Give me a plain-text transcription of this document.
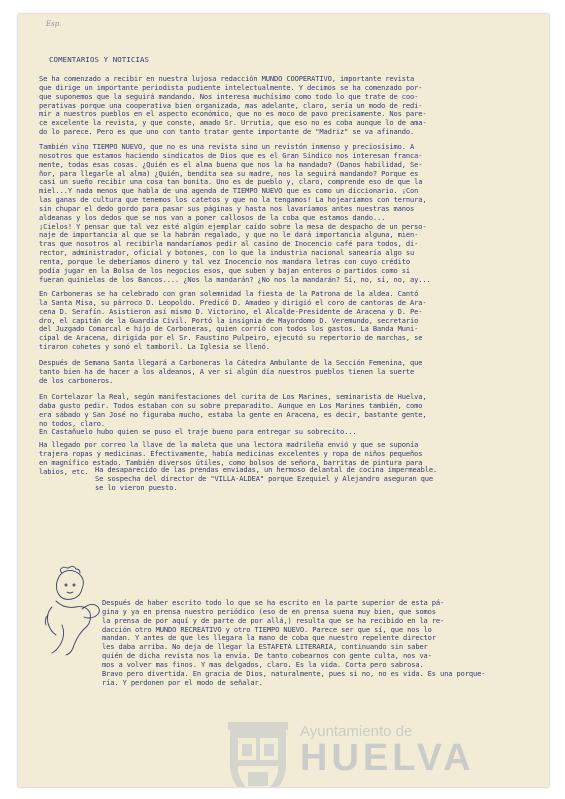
Esp.
COMENTARIOS Y NOTICIAS
Se ha comenzado a recibir en nuestra lujosa redacción MUNDO COOPERATIVO, importante revista
que dirige un importante periodista pudiente intelectualmente. Y decimos se ha comenzado por-
que suponemos que la seguirá mandando. Nos interesa muchísimo como todo lo que trate de coo-
perativas porque una cooperativa bien organizada, mas adelante, claro, sería un modo de redi-
mir a nuestros pueblos en el aspecto económico, que no es moco de pavo precisamente. Nos pare-
ce excelente la revista, y que conste, amado Sr. Urrutia, que eso no es coba aunque lo de ama-
do lo parece. Pero es que uno con tanto tratar gente importante de "Madriz" se va afinando.
También vino TIEMPO NUEVO, que no es una revista sino un revistón inmenso y preciosísimo. A
nosotros que estamos haciendo sindicatos de Dios que es el Gran Síndico nos interesan franca-
mente, todas esas cosas. ¿Quién es el alma buena que nos la ha mandado? (Danos habilidad, Se-
ñor, para llegarle al alma) ¿Quién, bendita sea su madre, nos la seguirá mandando? Porque es
casi un sueño recibir una cosa tan bonita. Uno es de pueblo y, claro, comprende eso de que la
miel...Y nada menos que habla de una agenda de TIEMPO NUEVO que es como un diccionario. ¡Con
las ganas de cultura que tenemos los catetos y que no la tengamos! La hojearíamos con ternura,
sin chupar el dedo gordo para pasar sus páginas y hasta nos lavaríamos antes nuestras manos
aldeanas y los dedos que se nos van a poner callosos de la coba que estamos dando...
¡Cielos! Y pensar que tal vez esté algún ejemplar caído sobre la mesa de despacho de un perso-
naje de importancia al que se la habrán regalado, y que no le dará importancia alguna, mien-
tras que nosotros al recibirla mandaríamos pedir al casino de Inocencio café para todos, di-
rector, administrador, oficial y botones, con lo que la industria nacional sanearía algo su
renta, porque le deberíamos dinero y tal vez Inocencio nos mandara letras con cuyo crédito
podía jugar en la Bolsa de los negocios esos, que suben y bajan enteros o partidos como si
fueran quinielas de los Bancos.... ¿Nos la mandarán? ¿No nos la mandarán? Sí, no, sí, no, ay...
En Carboneras se ha celebrado con gran solemnidad la fiesta de la Patrona de la aldea. Cantó
la Santa Misa, su párroco D. Leopoldo. Predicó D. Amadeo y dirigió el coro de cantoras de Ara-
cena D. Serafín. Asistieron así mismo D. Victorino, el Alcalde-Presidente de Aracena y D. Pe-
dro, el capitán de la Guardia Civil. Portó la insignia de Mayordomo D. Veremundo, secretario
del Juzgado Comarcal e hijo de Carboneras, quien corrió con todos los gastos. La Banda Muni-
cipal de Aracena, dirigida por el Sr. Faustino Pulpeiro, ejecutó su repertorio de marchas, se
tiraron cohetes y sonó el tamboril. La Iglesia se llenó.
Después de Semana Santa llegará a Carboneras la Cátedra Ambulante de la Sección Femenina, que
tanto bien ha de hacer a los aldeanos, A ver si algún día nuestros pueblos tienen la suerte
de los carboneros.
En Cortelazor la Real, según manifestaciones del curita de Los Marines, seminarista de Huelva,
daba gusto pedir. Todos estaban con su sobre preparadito. Aunque en Los Marines también, como
era sábado y San José no figuraba mucho, estaba la gente en Aracena, es decir, bastante gente,
no todos, claro.
En Castañuelo hubo quien se puso el traje bueno para entregar su sobrecito...
Ha llegado por correo la llave de la maleta que una lectora madrileña envió y que se suponía
trajera ropas y medicinas. Efectivamente, había medicinas excelentes y ropa de niños pequeños
en magnífico estado. También diversos útiles, como bolsos de señora, barritas de pintura para
labios, etc. Ha desaparecido de las prendas enviadas, un hermoso delantal de cocina impermeable.
Se sospecha del director de "VILLA-ALDEA" porque Ezequiel y Alejandro aseguran que
se lo vieron puesto.
Después de haber escrito todo lo que se ha escrito en la parte superior de esta pá-
gina y ya en prensa nuestro periódico (eso de en prensa suena muy bien, que somos
la prensa de por aquí y de parte de por allá,) resulta que se ha recibido en la re-
dacción otro MUNDO RECREATIVO y otro TIEMPO NUEVO. Parece ser que sí, que nos lo
mandan. Y antes de que les llegara la mano de coba que nuestro repelente director
les daba arriba. No deja de llegar la ESTAFETA LITERARIA, continuando sin saber
quién de dicha revista nos la envía. De tanto cobearnos con gente culta, nos va-
mos a volver mas finos. Y mas delgados, claro. Es la vida. Corta pero sabrosa.
Bravo pero divertida. En gracia de Dios, naturalmente, pues si no, no es vida. Es una porque-
ría. Y perdonen por el modo de señalar.
Ayuntamiento de
HUELVA
